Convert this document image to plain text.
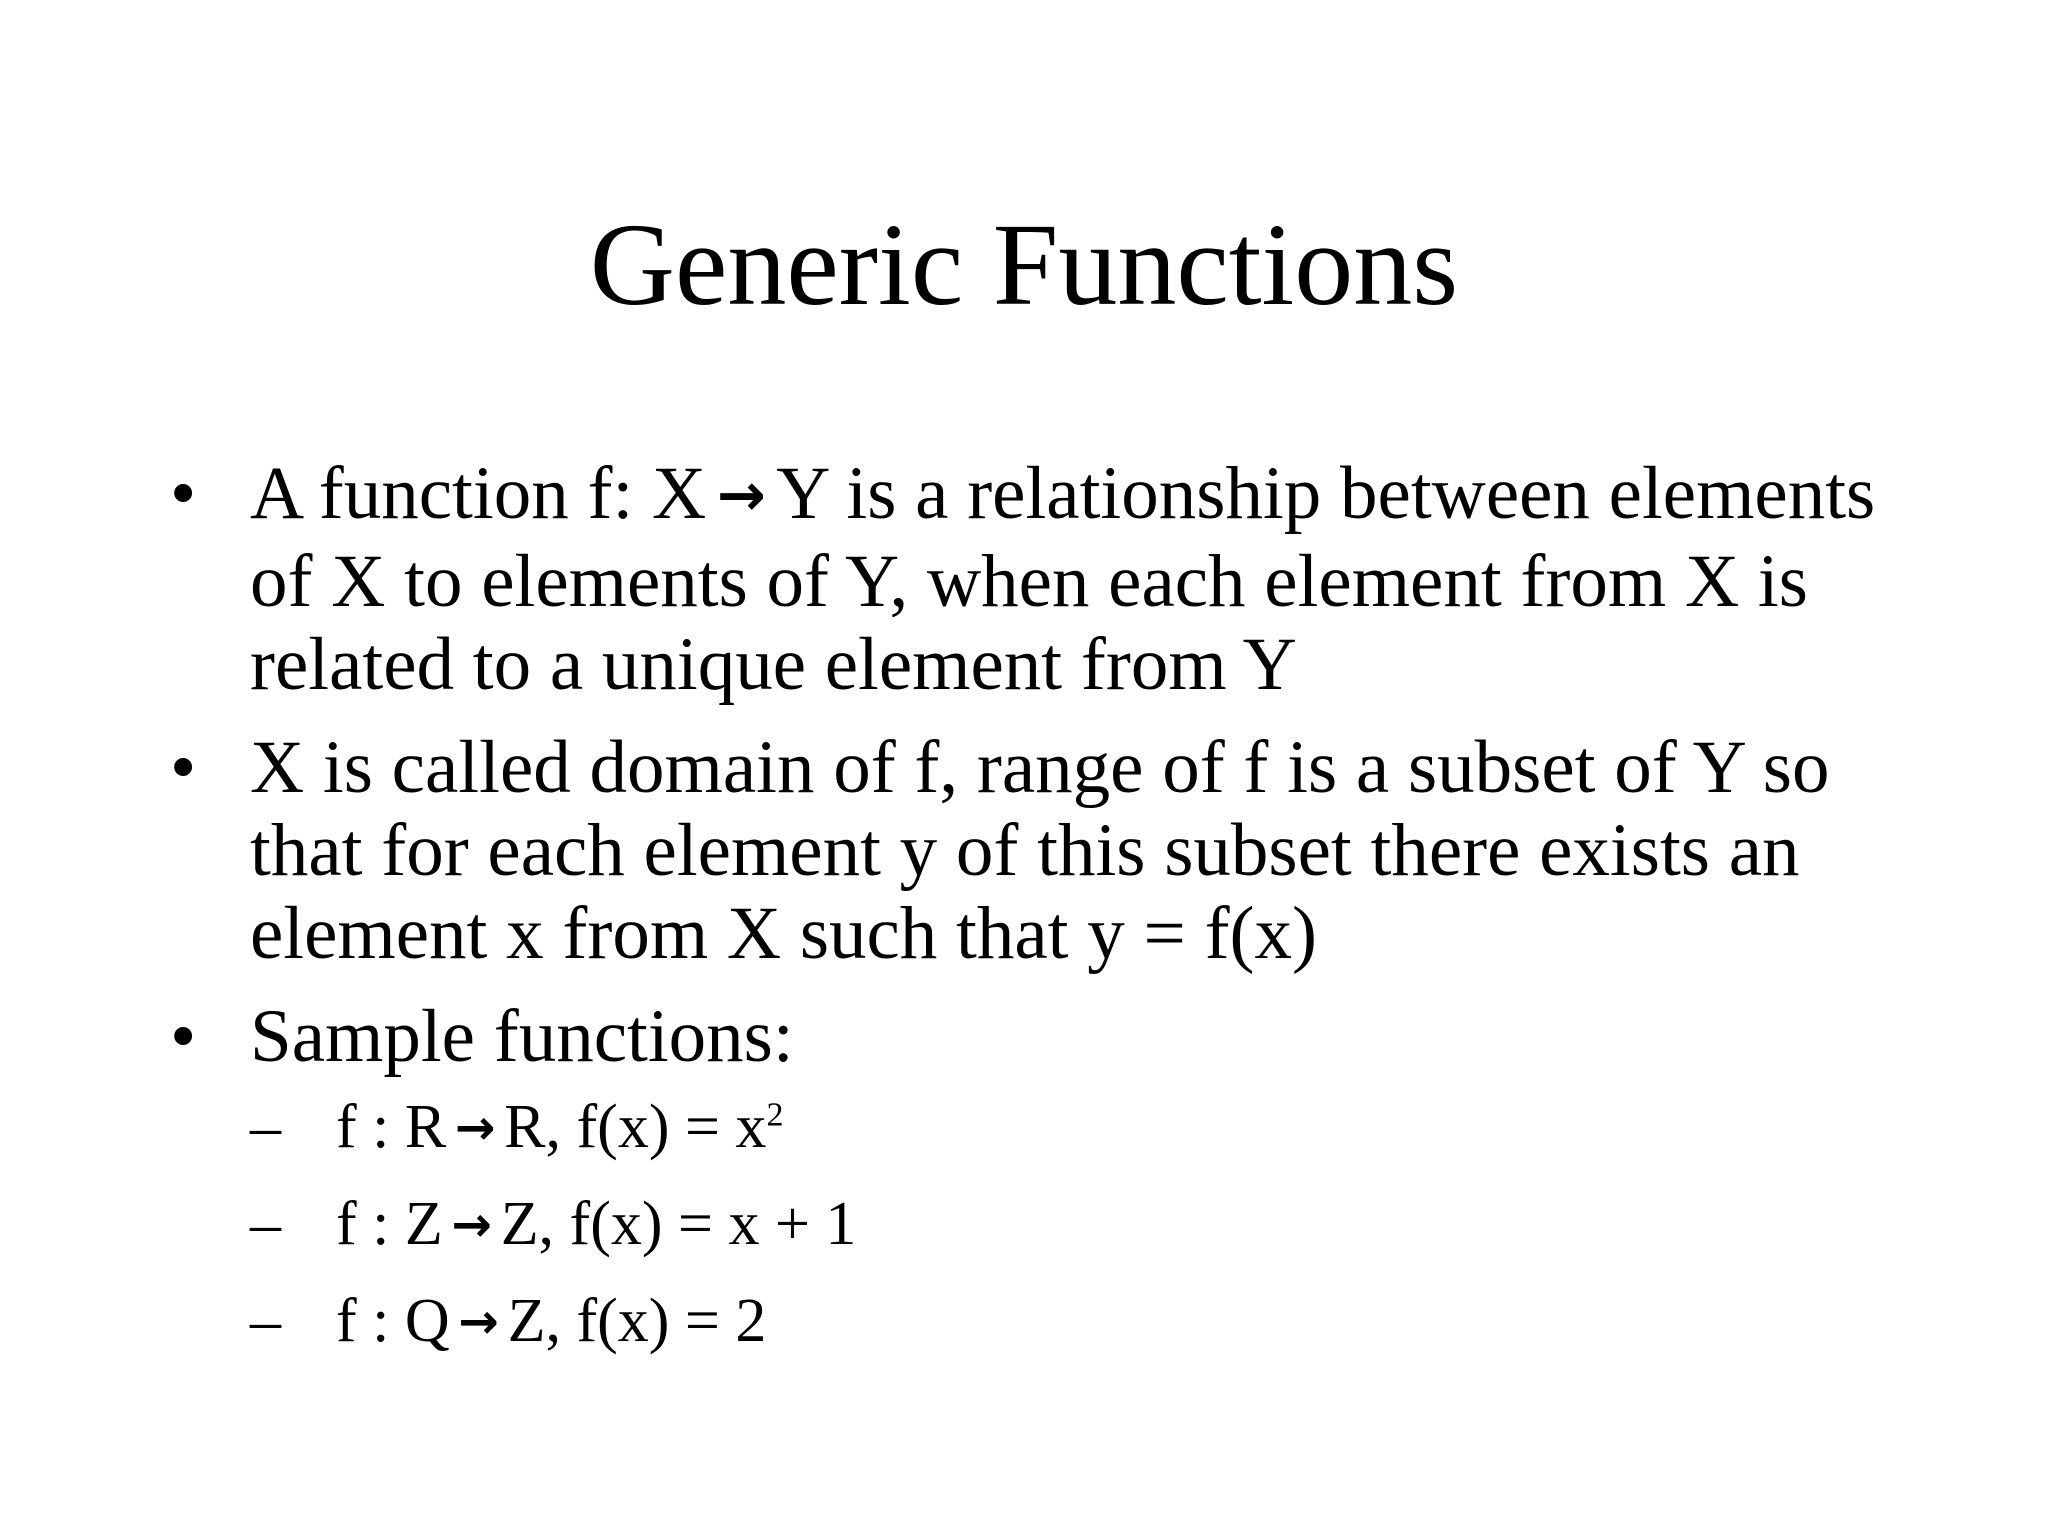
Generic Functions
• A function f: X → Y is a relationship between elements of X to elements of Y, when each element from X is related to a unique element from Y
• X is called domain of f, range of f is a subset of Y so that for each element y of this subset there exists an element x from X such that y = f(x)
• Sample functions:
– f : R → R, $f(x) = x^2$
– f : Z → Z, f(x) = x + 1
– f : Q → Z, f(x) = 2
